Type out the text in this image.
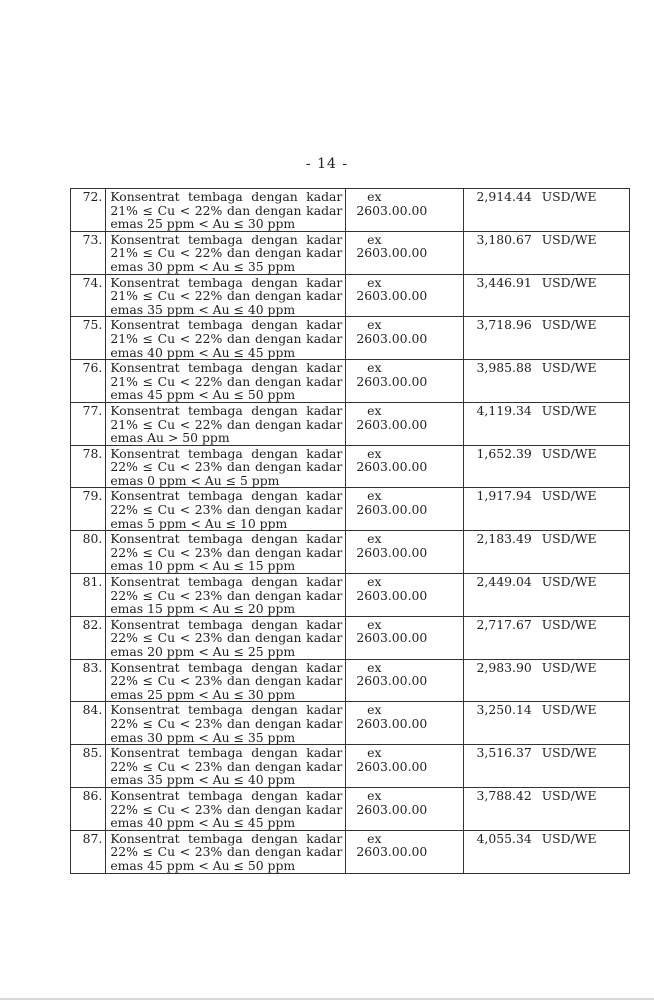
- 14 -
72.	Konsentrat tembaga dengan kadar
21% ≤ Cu < 22% dan dengan kadar
emas 25 ppm < Au ≤ 30 ppm	ex2603.00.00	2,914.44 USD/WE
73.	Konsentrat tembaga dengan kadar
21% ≤ Cu < 22% dan dengan kadar
emas 30 ppm < Au ≤ 35 ppm	ex2603.00.00	3,180.67 USD/WE
74.	Konsentrat tembaga dengan kadar
21% ≤ Cu < 22% dan dengan kadar
emas 35 ppm < Au ≤ 40 ppm	ex2603.00.00	3,446.91 USD/WE
75.	Konsentrat tembaga dengan kadar
21% ≤ Cu < 22% dan dengan kadar
emas 40 ppm < Au ≤ 45 ppm	ex2603.00.00	3,718.96 USD/WE
76.	Konsentrat tembaga dengan kadar
21% ≤ Cu < 22% dan dengan kadar
emas 45 ppm < Au ≤ 50 ppm	ex2603.00.00	3,985.88 USD/WE
77.	Konsentrat tembaga dengan kadar
21% ≤ Cu < 22% dan dengan kadar
emas Au > 50 ppm	ex2603.00.00	4,119.34 USD/WE
78.	Konsentrat tembaga dengan kadar
22% ≤ Cu < 23% dan dengan kadar
emas 0 ppm < Au ≤ 5 ppm	ex2603.00.00	1,652.39 USD/WE
79.	Konsentrat tembaga dengan kadar
22% ≤ Cu < 23% dan dengan kadar
emas 5 ppm < Au ≤ 10 ppm	ex2603.00.00	1,917.94 USD/WE
80.	Konsentrat tembaga dengan kadar
22% ≤ Cu < 23% dan dengan kadar
emas 10 ppm < Au ≤ 15 ppm	ex2603.00.00	2,183.49 USD/WE
81.	Konsentrat tembaga dengan kadar
22% ≤ Cu < 23% dan dengan kadar
emas 15 ppm < Au ≤ 20 ppm	ex2603.00.00	2,449.04 USD/WE
82.	Konsentrat tembaga dengan kadar
22% ≤ Cu < 23% dan dengan kadar
emas 20 ppm < Au ≤ 25 ppm	ex2603.00.00	2,717.67 USD/WE
83.	Konsentrat tembaga dengan kadar
22% ≤ Cu < 23% dan dengan kadar
emas 25 ppm < Au ≤ 30 ppm	ex2603.00.00	2,983.90 USD/WE
84.	Konsentrat tembaga dengan kadar
22% ≤ Cu < 23% dan dengan kadar
emas 30 ppm < Au ≤ 35 ppm	ex2603.00.00	3,250.14 USD/WE
85.	Konsentrat tembaga dengan kadar
22% ≤ Cu < 23% dan dengan kadar
emas 35 ppm < Au ≤ 40 ppm	ex2603.00.00	3,516.37 USD/WE
86.	Konsentrat tembaga dengan kadar
22% ≤ Cu < 23% dan dengan kadar
emas 40 ppm < Au ≤ 45 ppm	ex2603.00.00	3,788.42 USD/WE
87.	Konsentrat tembaga dengan kadar
22% ≤ Cu < 23% dan dengan kadar
emas 45 ppm < Au ≤ 50 ppm	ex2603.00.00	4,055.34 USD/WE
